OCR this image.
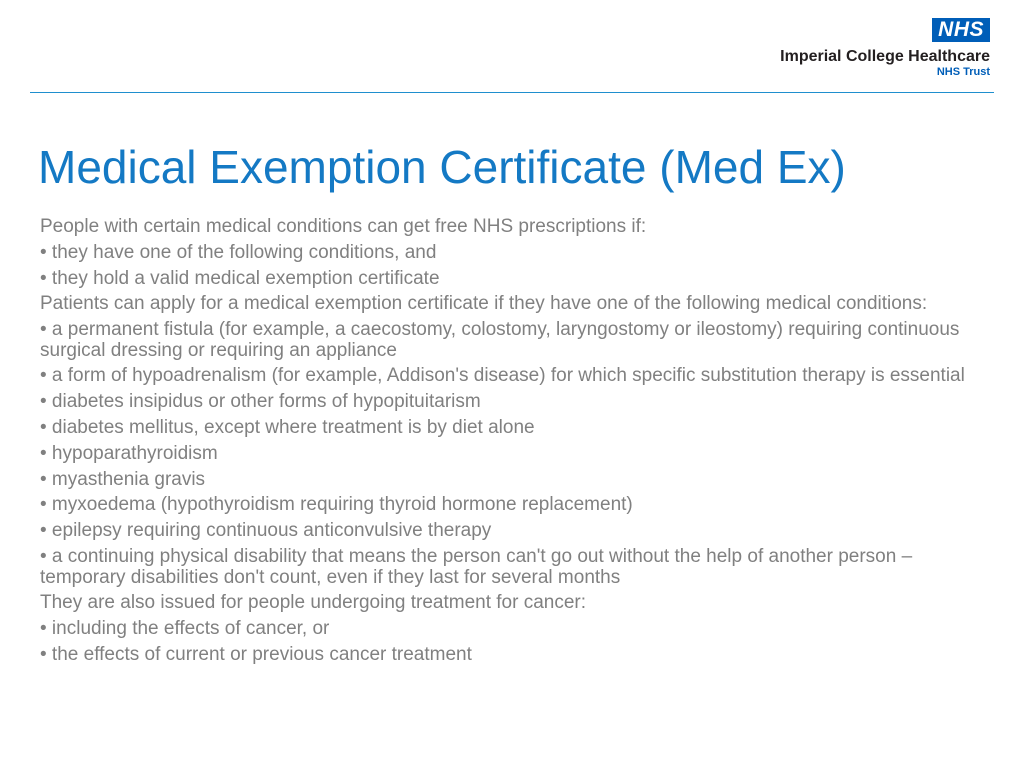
NHS
Imperial College Healthcare
NHS Trust
Medical Exemption Certificate (Med Ex)
People with certain medical conditions can get free NHS prescriptions if:
• they have one of the following conditions, and
• they hold a valid medical exemption certificate
Patients can apply for a medical exemption certificate if they have one of the following medical conditions:
• a permanent fistula (for example, a caecostomy, colostomy, laryngostomy or ileostomy) requiring continuous surgical dressing or requiring an appliance
• a form of hypoadrenalism (for example, Addison's disease) for which specific substitution therapy is essential
• diabetes insipidus or other forms of hypopituitarism
• diabetes mellitus, except where treatment is by diet alone
• hypoparathyroidism
• myasthenia gravis
• myxoedema (hypothyroidism requiring thyroid hormone replacement)
• epilepsy requiring continuous anticonvulsive therapy
• a continuing physical disability that means the person can't go out without the help of another person – temporary disabilities don't count, even if they last for several months
They are also issued for people undergoing treatment for cancer:
• including the effects of cancer, or
• the effects of current or previous cancer treatment
